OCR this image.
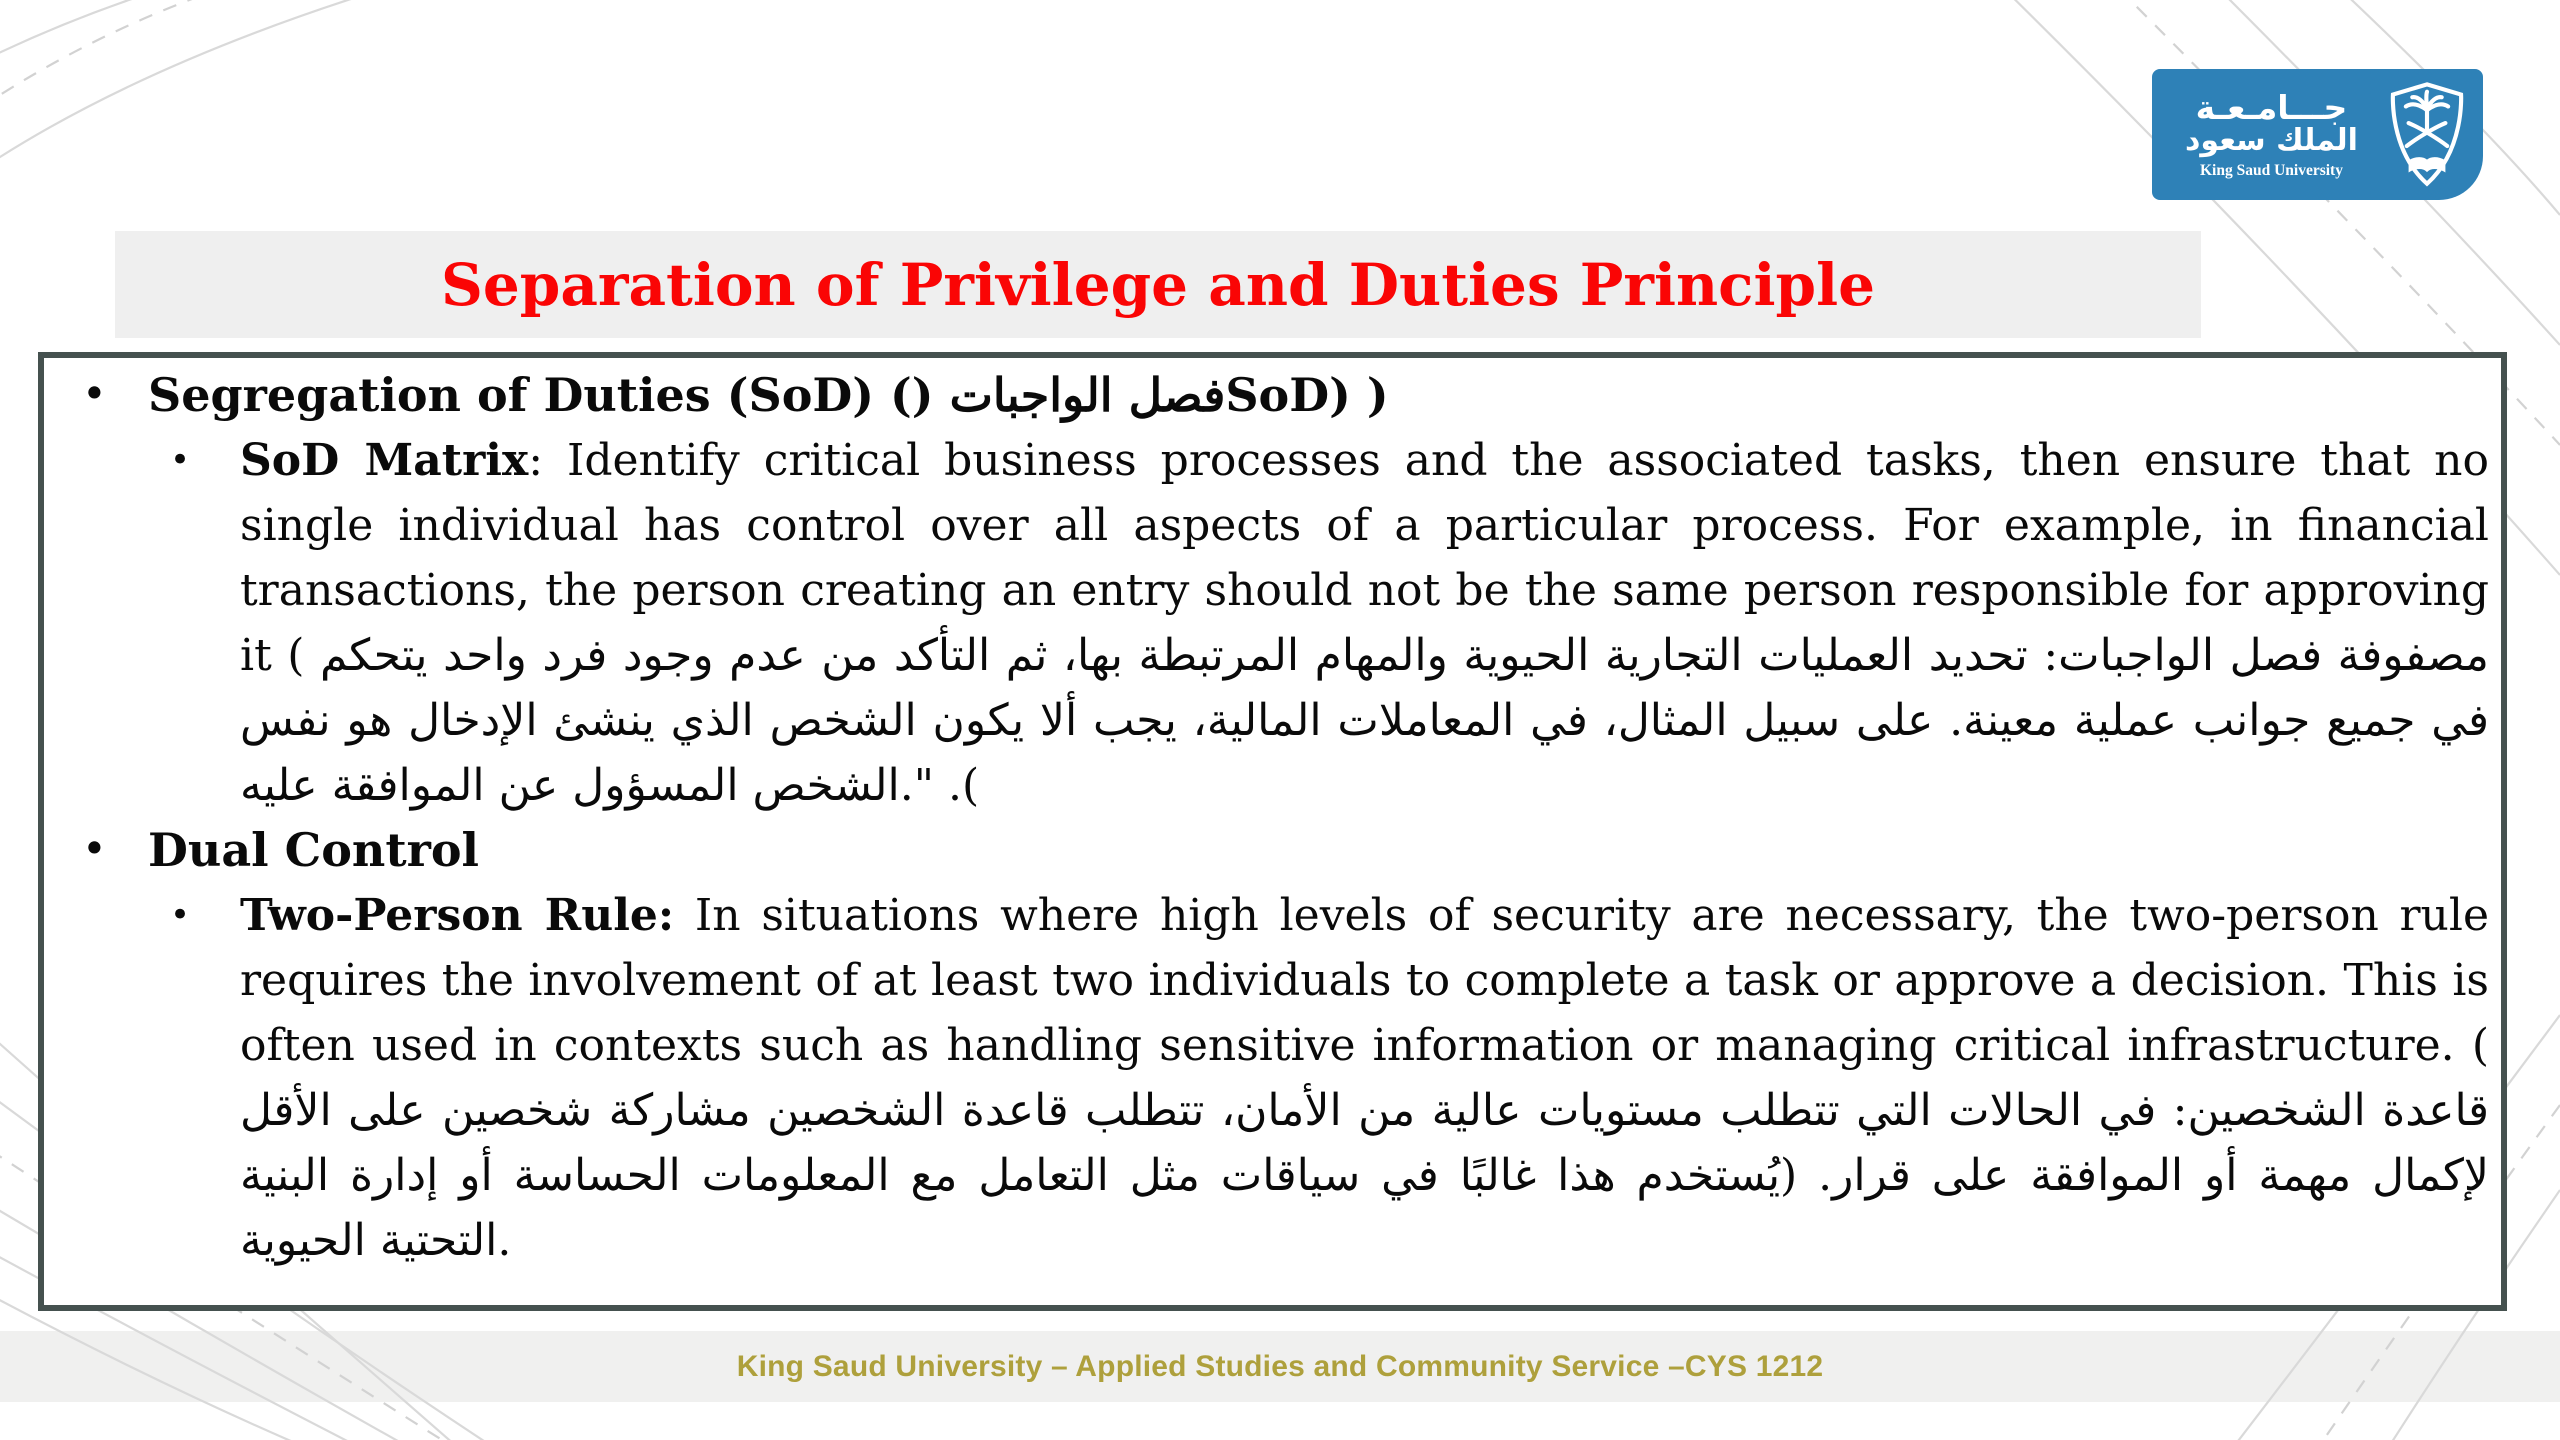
King Saud University – Applied Studies and Community Service –CYS 1212
Separation of Privilege and Duties Principle
جـــامـعـة
الملك سعود
King Saud University
• Segregation of Duties (SoD) () فصل الواجباتSoD) )
• SoD Matrix: Identify critical business processes and the associated tasks, then ensure that no single individual has control over all aspects of a particular process. For example, in financial transactions, the person creating an entry should not be the same person responsible for approving it ( مصفوفة فصل الواجبات: تحديد العمليات التجارية الحيوية والمهام المرتبطة بها، ثم التأكد من عدم وجود فرد واحد يتحكم في جميع جوانب عملية معينة. على سبيل المثال، في المعاملات المالية، يجب ألا يكون الشخص الذي ينشئ الإدخال هو نفس الشخص المسؤول عن الموافقة عليه." .(
• Dual Control
• Two-Person Rule: In situations where high levels of security are necessary, the two-person rule requires the involvement of at least two individuals to complete a task or approve a decision. This is often used in contexts such as handling sensitive information or managing critical infrastructure. ( قاعدة الشخصين: في الحالات التي تتطلب مستويات عالية من الأمان، تتطلب قاعدة الشخصين مشاركة شخصين على الأقل لإكمال مهمة أو الموافقة على قرار. (يُستخدم هذا غالبًا في سياقات مثل التعامل مع المعلومات الحساسة أو إدارة البنية التحتية الحيوية.
